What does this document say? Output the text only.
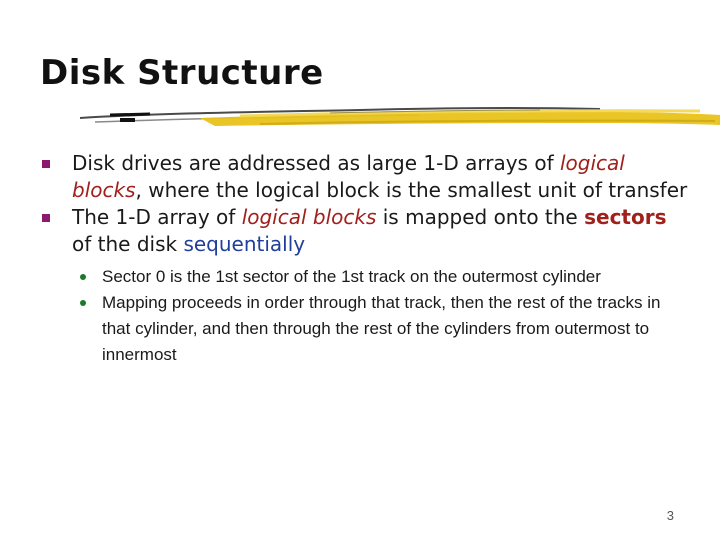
Disk Structure
Disk drives are addressed as large 1-D arrays of logical blocks, where the logical block is the smallest unit of transfer
The 1-D array of logical blocks is mapped onto the sectors of the disk sequentially
Sector 0 is the 1st sector of the 1st track on the outermost cylinder
Mapping proceeds in order through that track, then the rest of the tracks in that cylinder, and then through the rest of the cylinders from outermost to innermost
3
